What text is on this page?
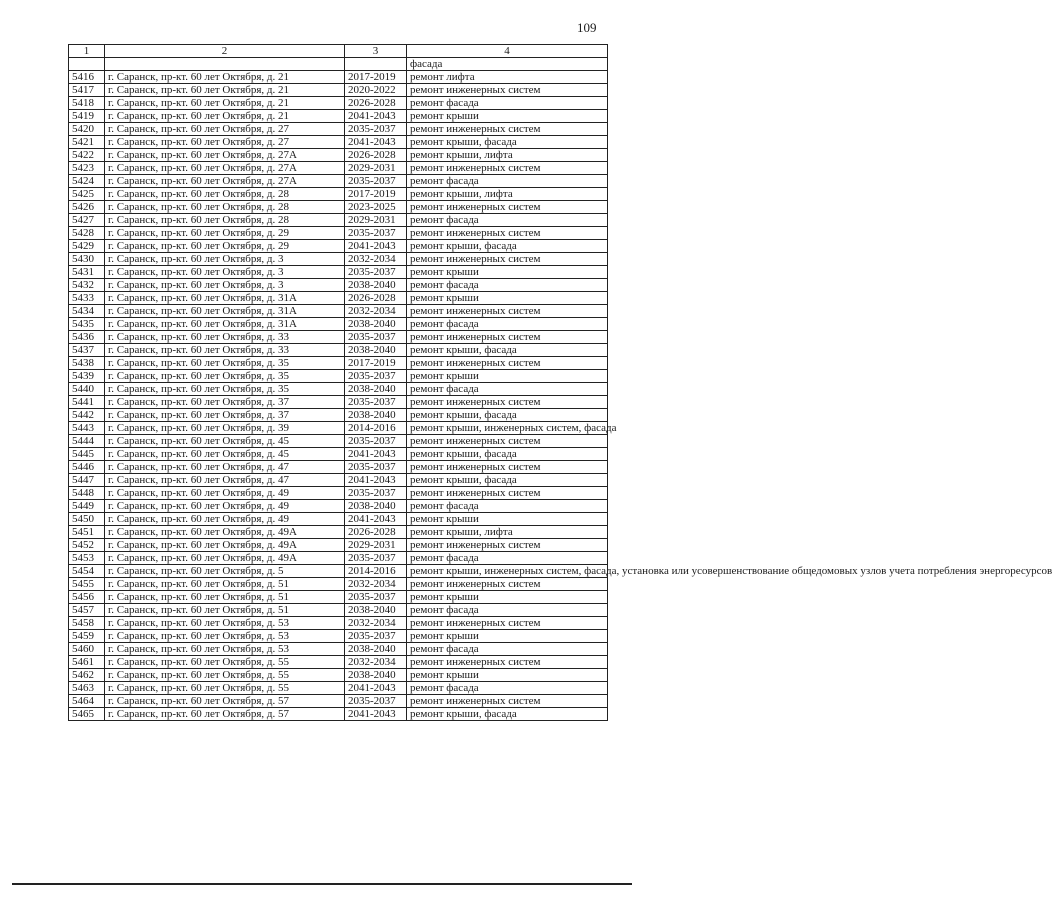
109
1	2	3	4
			фасада
5416	г. Саранск, пр-кт. 60 лет Октября, д. 21	2017-2019	ремонт лифта
5417	г. Саранск, пр-кт. 60 лет Октября, д. 21	2020-2022	ремонт инженерных систем
5418	г. Саранск, пр-кт. 60 лет Октября, д. 21	2026-2028	ремонт фасада
5419	г. Саранск, пр-кт. 60 лет Октября, д. 21	2041-2043	ремонт крыши
5420	г. Саранск, пр-кт. 60 лет Октября, д. 27	2035-2037	ремонт инженерных систем
5421	г. Саранск, пр-кт. 60 лет Октября, д. 27	2041-2043	ремонт крыши, фасада
5422	г. Саранск, пр-кт. 60 лет Октября, д. 27А	2026-2028	ремонт крыши, лифта
5423	г. Саранск, пр-кт. 60 лет Октября, д. 27А	2029-2031	ремонт инженерных систем
5424	г. Саранск, пр-кт. 60 лет Октября, д. 27А	2035-2037	ремонт фасада
5425	г. Саранск, пр-кт. 60 лет Октября, д. 28	2017-2019	ремонт крыши, лифта
5426	г. Саранск, пр-кт. 60 лет Октября, д. 28	2023-2025	ремонт инженерных систем
5427	г. Саранск, пр-кт. 60 лет Октября, д. 28	2029-2031	ремонт фасада
5428	г. Саранск, пр-кт. 60 лет Октября, д. 29	2035-2037	ремонт инженерных систем
5429	г. Саранск, пр-кт. 60 лет Октября, д. 29	2041-2043	ремонт крыши, фасада
5430	г. Саранск, пр-кт. 60 лет Октября, д. 3	2032-2034	ремонт инженерных систем
5431	г. Саранск, пр-кт. 60 лет Октября, д. 3	2035-2037	ремонт крыши
5432	г. Саранск, пр-кт. 60 лет Октября, д. 3	2038-2040	ремонт фасада
5433	г. Саранск, пр-кт. 60 лет Октября, д. 31А	2026-2028	ремонт крыши
5434	г. Саранск, пр-кт. 60 лет Октября, д. 31А	2032-2034	ремонт инженерных систем
5435	г. Саранск, пр-кт. 60 лет Октября, д. 31А	2038-2040	ремонт фасада
5436	г. Саранск, пр-кт. 60 лет Октября, д. 33	2035-2037	ремонт инженерных систем
5437	г. Саранск, пр-кт. 60 лет Октября, д. 33	2038-2040	ремонт крыши, фасада
5438	г. Саранск, пр-кт. 60 лет Октября, д. 35	2017-2019	ремонт инженерных систем
5439	г. Саранск, пр-кт. 60 лет Октября, д. 35	2035-2037	ремонт крыши
5440	г. Саранск, пр-кт. 60 лет Октября, д. 35	2038-2040	ремонт фасада
5441	г. Саранск, пр-кт. 60 лет Октября, д. 37	2035-2037	ремонт инженерных систем
5442	г. Саранск, пр-кт. 60 лет Октября, д. 37	2038-2040	ремонт крыши, фасада
5443	г. Саранск, пр-кт. 60 лет Октября, д. 39	2014-2016	ремонт крыши, инженерных систем, фасада
5444	г. Саранск, пр-кт. 60 лет Октября, д. 45	2035-2037	ремонт инженерных систем
5445	г. Саранск, пр-кт. 60 лет Октября, д. 45	2041-2043	ремонт крыши, фасада
5446	г. Саранск, пр-кт. 60 лет Октября, д. 47	2035-2037	ремонт инженерных систем
5447	г. Саранск, пр-кт. 60 лет Октября, д. 47	2041-2043	ремонт крыши, фасада
5448	г. Саранск, пр-кт. 60 лет Октября, д. 49	2035-2037	ремонт инженерных систем
5449	г. Саранск, пр-кт. 60 лет Октября, д. 49	2038-2040	ремонт фасада
5450	г. Саранск, пр-кт. 60 лет Октября, д. 49	2041-2043	ремонт крыши
5451	г. Саранск, пр-кт. 60 лет Октября, д. 49А	2026-2028	ремонт крыши, лифта
5452	г. Саранск, пр-кт. 60 лет Октября, д. 49А	2029-2031	ремонт инженерных систем
5453	г. Саранск, пр-кт. 60 лет Октября, д. 49А	2035-2037	ремонт фасада
5454	г. Саранск, пр-кт. 60 лет Октября, д. 5	2014-2016	ремонт крыши, инженерных систем, фасада, установка или усовершенствование общедомовых узлов учета потребления энергоресурсов
5455	г. Саранск, пр-кт. 60 лет Октября, д. 51	2032-2034	ремонт инженерных систем
5456	г. Саранск, пр-кт. 60 лет Октября, д. 51	2035-2037	ремонт крыши
5457	г. Саранск, пр-кт. 60 лет Октября, д. 51	2038-2040	ремонт фасада
5458	г. Саранск, пр-кт. 60 лет Октября, д. 53	2032-2034	ремонт инженерных систем
5459	г. Саранск, пр-кт. 60 лет Октября, д. 53	2035-2037	ремонт крыши
5460	г. Саранск, пр-кт. 60 лет Октября, д. 53	2038-2040	ремонт фасада
5461	г. Саранск, пр-кт. 60 лет Октября, д. 55	2032-2034	ремонт инженерных систем
5462	г. Саранск, пр-кт. 60 лет Октября, д. 55	2038-2040	ремонт крыши
5463	г. Саранск, пр-кт. 60 лет Октября, д. 55	2041-2043	ремонт фасада
5464	г. Саранск, пр-кт. 60 лет Октября, д. 57	2035-2037	ремонт инженерных систем
5465	г. Саранск, пр-кт. 60 лет Октября, д. 57	2041-2043	ремонт крыши, фасада
